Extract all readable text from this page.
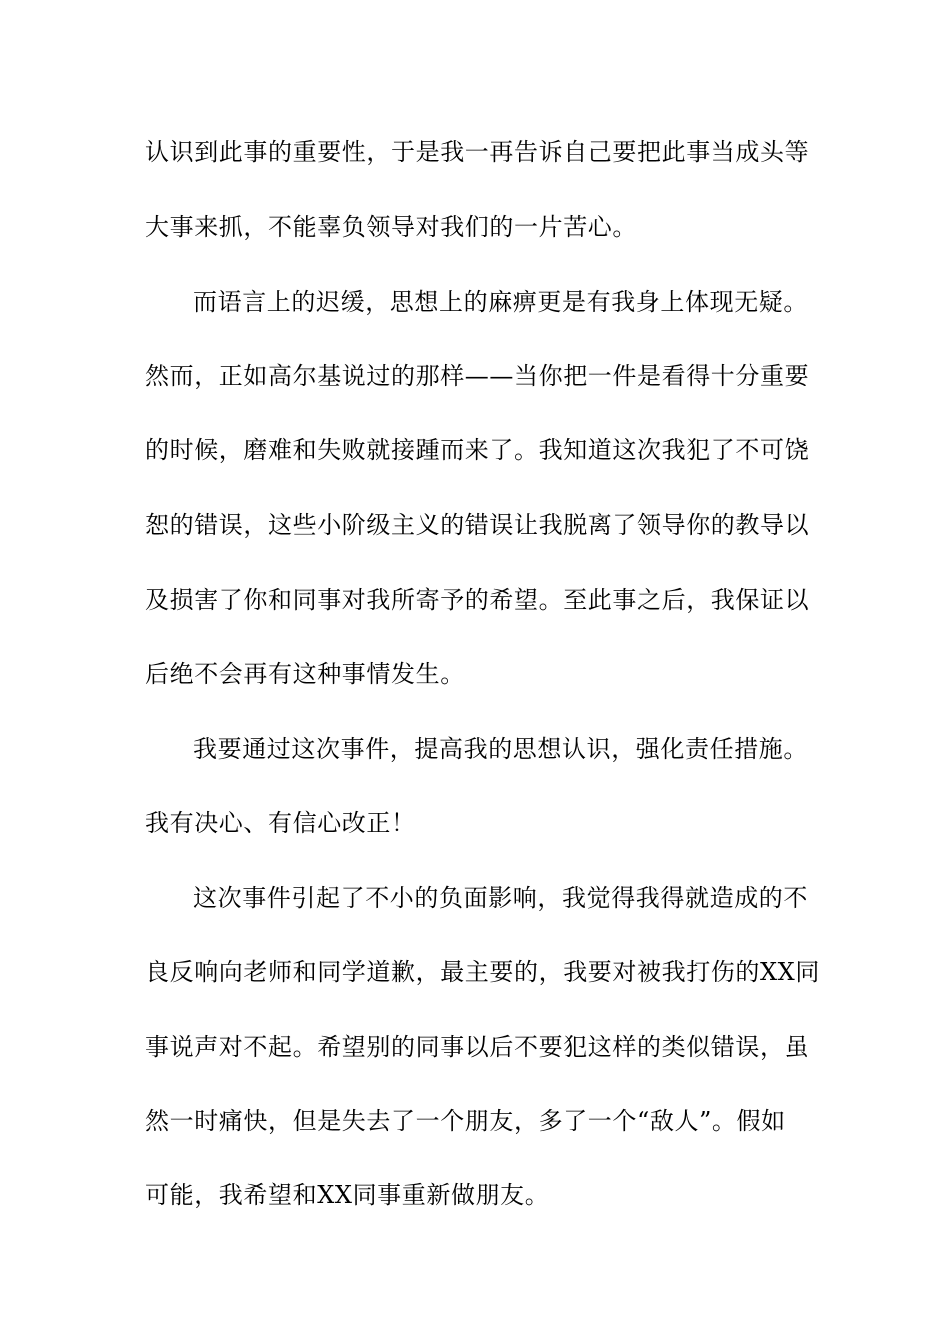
认识到此事的重要性，于是我一再告诉自己要把此事当成头等
大事来抓，不能辜负领导对我们的一片苦心。
而语言上的迟缓，思想上的麻痹更是有我身上体现无疑。
然而，正如高尔基说过的那样——当你把一件是看得十分重要
的时候，磨难和失败就接踵而来了。我知道这次我犯了不可饶
恕的错误，这些小阶级主义的错误让我脱离了领导你的教导以
及损害了你和同事对我所寄予的希望。至此事之后，我保证以
后绝不会再有这种事情发生。
我要通过这次事件，提高我的思想认识，强化责任措施。
我有决心、有信心改正！
这次事件引起了不小的负面影响，我觉得我得就造成的不
良反响向老师和同学道歉，最主要的，我要对被我打伤的XX同
事说声对不起。希望别的同事以后不要犯这样的类似错误，虽
然一时痛快，但是失去了一个朋友，多了一个“敌人”。假如
可能，我希望和XX同事重新做朋友。
